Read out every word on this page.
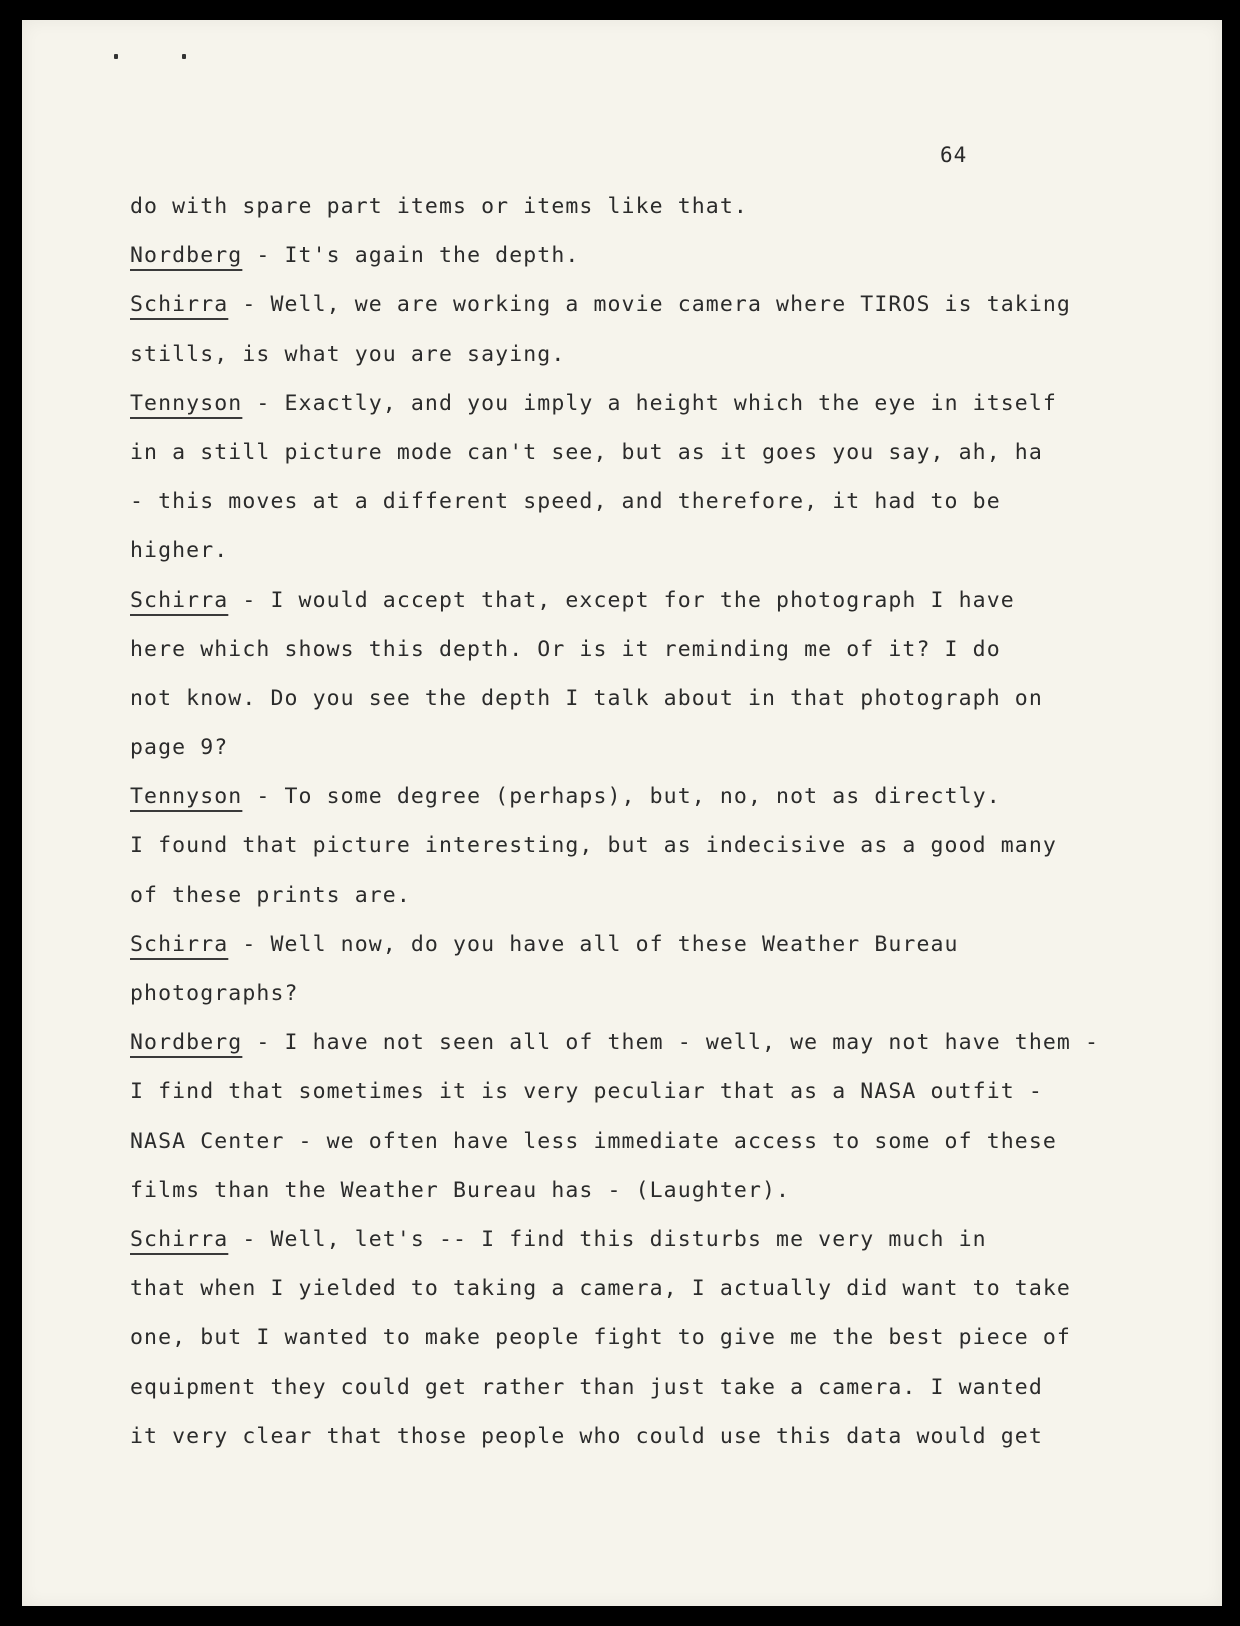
64
do with spare part items or items like that.
Nordberg - It's again the depth.
Schirra - Well, we are working a movie camera where TIROS is taking
stills, is what you are saying.
Tennyson - Exactly, and you imply a height which the eye in itself
in a still picture mode can't see, but as it goes you say, ah, ha
- this moves at a different speed, and therefore, it had to be
higher.
Schirra - I would accept that, except for the photograph I have
here which shows this depth. Or is it reminding me of it? I do
not know. Do you see the depth I talk about in that photograph on
page 9?
Tennyson - To some degree (perhaps), but, no, not as directly.
I found that picture interesting, but as indecisive as a good many
of these prints are.
Schirra - Well now, do you have all of these Weather Bureau
photographs?
Nordberg - I have not seen all of them - well, we may not have them -
I find that sometimes it is very peculiar that as a NASA outfit -
NASA Center - we often have less immediate access to some of these
films than the Weather Bureau has - (Laughter).
Schirra - Well, let's -- I find this disturbs me very much in
that when I yielded to taking a camera, I actually did want to take
one, but I wanted to make people fight to give me the best piece of
equipment they could get rather than just take a camera. I wanted
it very clear that those people who could use this data would get
